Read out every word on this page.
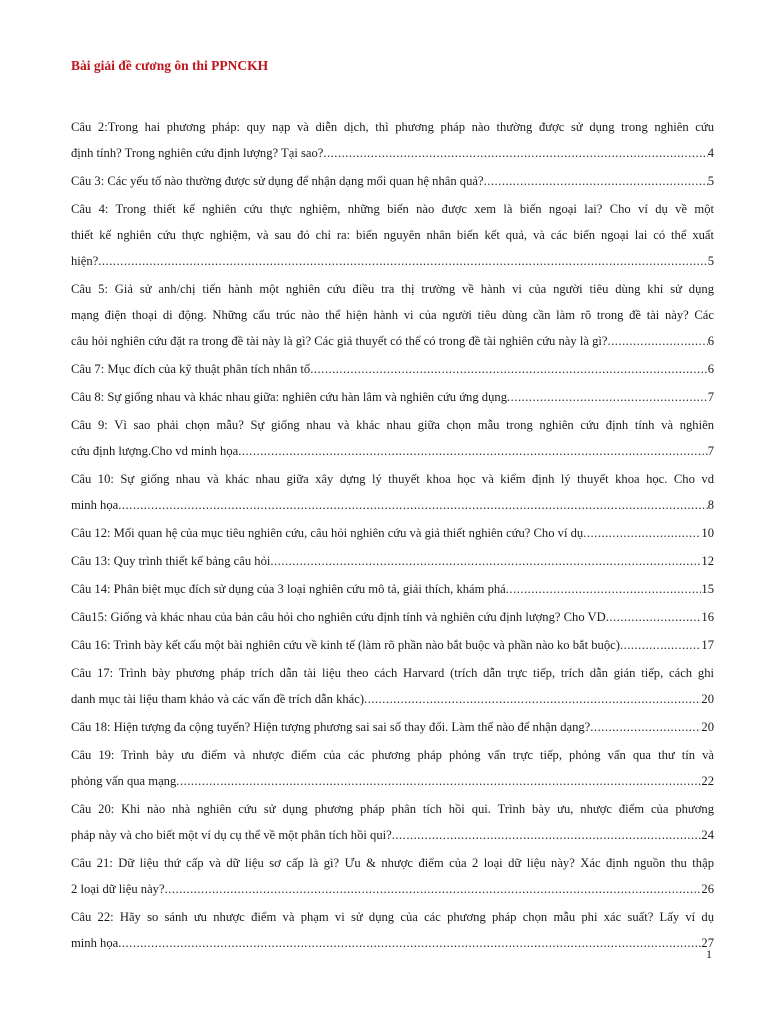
Bài giải đề cương ôn thi PPNCKH
Câu 2:Trong hai phương pháp: quy nạp và diễn dịch, thì phương pháp nào thường được sử dụng trong nghiên cứu
định tính? Trong nghiên cứu định lượng? Tại sao? .....	4
Câu 3: Các yếu tố nào thường được sử dụng để nhận dạng mối quan hệ nhân quả? .....	5
Câu 4: Trong thiết kế nghiên cứu thực nghiệm, những biến nào được xem là biến ngoại lai? Cho ví dụ về một
thiết kế nghiên cứu thực nghiệm, và sau đó chỉ ra: biến nguyên nhân biến kết quả, và các biến ngoại lai có thể xuất
hiện? .....	5
Câu 5: Giả sử anh/chị tiến hành một nghiên cứu điều tra thị trường về hành vi của người tiêu dùng khi sử dụng
mạng điện thoại di động. Những cấu trúc nào thể hiện hành vi của người tiêu dùng cần làm rõ trong đề tài này? Các
câu hỏi nghiên cứu đặt ra trong đề tài này là gì? Các giả thuyết có thể có trong đề tài nghiên cứu này là gì? .....	6
Câu 7: Mục đích của kỹ thuật phân tích nhân tố .....	6
Câu 8: Sự giống nhau và khác nhau giữa: nghiên cứu hàn lâm và nghiên cứu ứng dụng .....	7
Câu 9: Vì sao phải chọn mẫu? Sự giống nhau và khác nhau giữa chọn mẫu trong nghiên cứu định tính và nghiên
cứu định lượng.Cho vd minh họa .....	7
Câu 10: Sự giống nhau và khác nhau giữa xây dựng lý thuyết khoa học và kiểm định lý thuyết khoa học. Cho vd
minh họa .....	8
Câu 12: Mối quan hệ của mục tiêu nghiên cứu, câu hỏi nghiên cứu và giả thiết nghiên cứu? Cho ví dụ .....	10
Câu 13: Quy trình thiết kế bảng câu hỏi .....	12
Câu 14: Phân biệt mục đích sử dụng của 3 loại nghiên cứu mô tả, giải thích, khám phá .....	15
Câu15: Giống và khác nhau của bản câu hỏi cho nghiên cứu định tính và nghiên cứu định lượng? Cho VD .....	16
Câu 16: Trình bày kết cấu một bài nghiên cứu về kinh tế (làm rõ phần nào bắt buộc và phần nào ko bắt buộc) .....	17
Câu 17: Trình bày phương pháp trích dẫn tài liệu theo cách Harvard (trích dẫn trực tiếp, trích dẫn gián tiếp, cách ghi
danh mục tài liệu tham khảo và các vấn đề trích dẫn khác) .....	20
Câu 18: Hiện tượng đa cộng tuyến? Hiện tượng phương sai sai số thay đổi. Làm thế nào để nhận dạng? .....	20
Câu 19: Trình bày ưu điểm và nhược điểm của các phương pháp phỏng vấn trực tiếp, phỏng vấn qua thư tín và
phỏng vấn qua mạng .....	22
Câu 20: Khi nào nhà nghiên cứu sử dụng phương pháp phân tích hồi qui. Trình bày ưu, nhược điểm của phương
pháp này và cho biết một ví dụ cụ thể về một phân tích hồi qui? .....	24
Câu 21: Dữ liệu thứ cấp và dữ liệu sơ cấp là gì? Ưu & nhược điểm của 2 loại dữ liệu này? Xác định nguồn thu thập
2 loại dữ liệu này? .....	26
Câu 22: Hãy so sánh ưu nhược điểm và phạm vi sử dụng của các phương pháp chọn mẫu phi xác suất? Lấy ví dụ
minh họa .....	27
1
